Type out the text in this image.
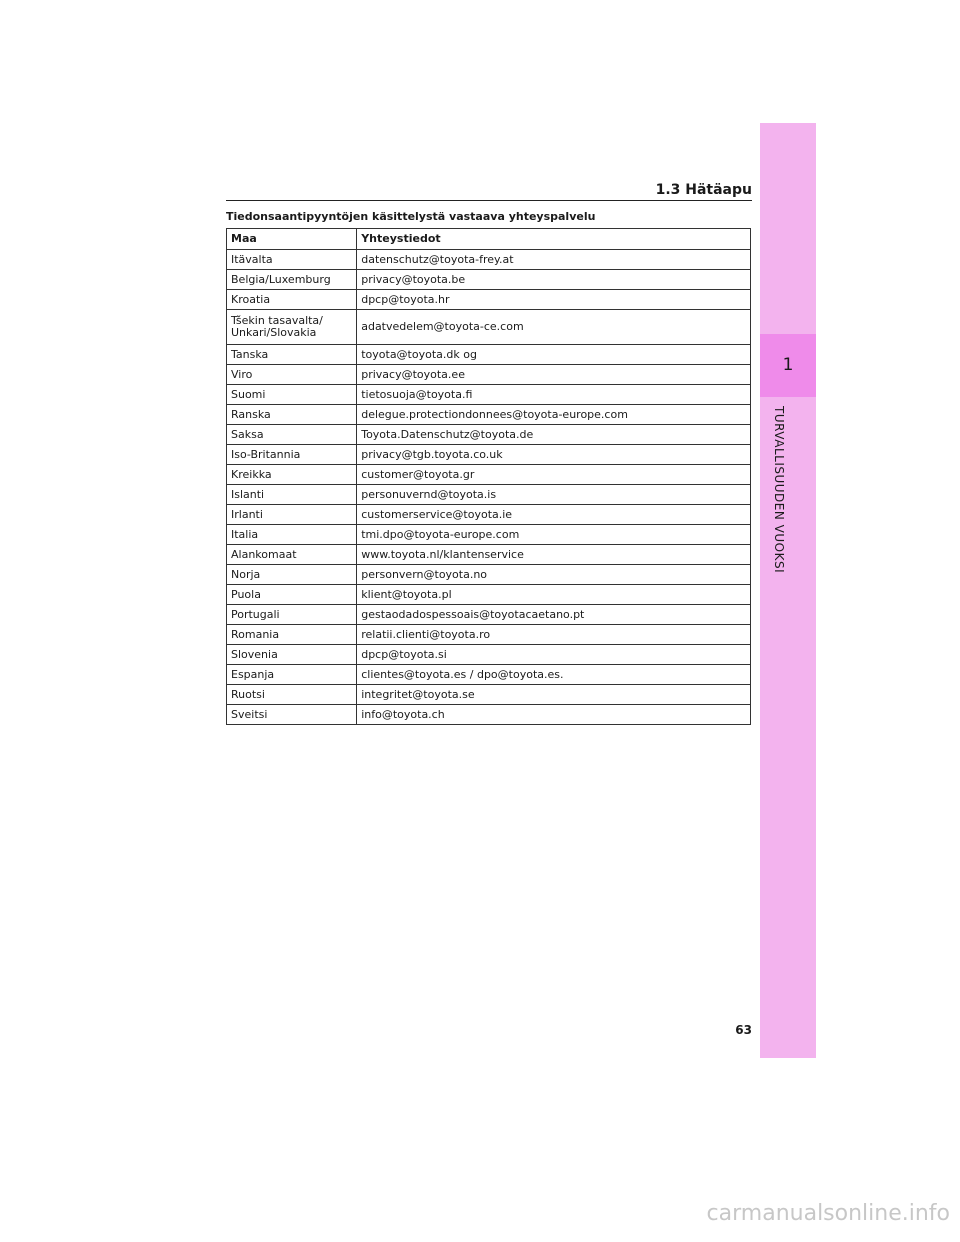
1.3 Hätäapu
Tiedonsaantipyyntöjen käsittelystä vastaava yhteyspalvelu
Maa	Yhteystiedot
Itävalta	datenschutz@toyota-frey.at
Belgia/Luxemburg	privacy@toyota.be
Kroatia	dpcp@toyota.hr
Tšekin tasavalta/ Unkari/Slovakia	adatvedelem@toyota-ce.com
Tanska	toyota@toyota.dk og
Viro	privacy@toyota.ee
Suomi	tietosuoja@toyota.fi
Ranska	delegue.protectiondonnees@toyota-europe.com
Saksa	Toyota.Datenschutz@toyota.de
Iso-Britannia	privacy@tgb.toyota.co.uk
Kreikka	customer@toyota.gr
Islanti	personuvernd@toyota.is
Irlanti	customerservice@toyota.ie
Italia	tmi.dpo@toyota-europe.com
Alankomaat	www.toyota.nl/klantenservice
Norja	personvern@toyota.no
Puola	klient@toyota.pl
Portugali	gestaodadospessoais@toyotacaetano.pt
Romania	relatii.clienti@toyota.ro
Slovenia	dpcp@toyota.si
Espanja	clientes@toyota.es / dpo@toyota.es.
Ruotsi	integritet@toyota.se
Sveitsi	info@toyota.ch
1
TURVALLISUUDEN VUOKSI
63
carmanualsonline.info
